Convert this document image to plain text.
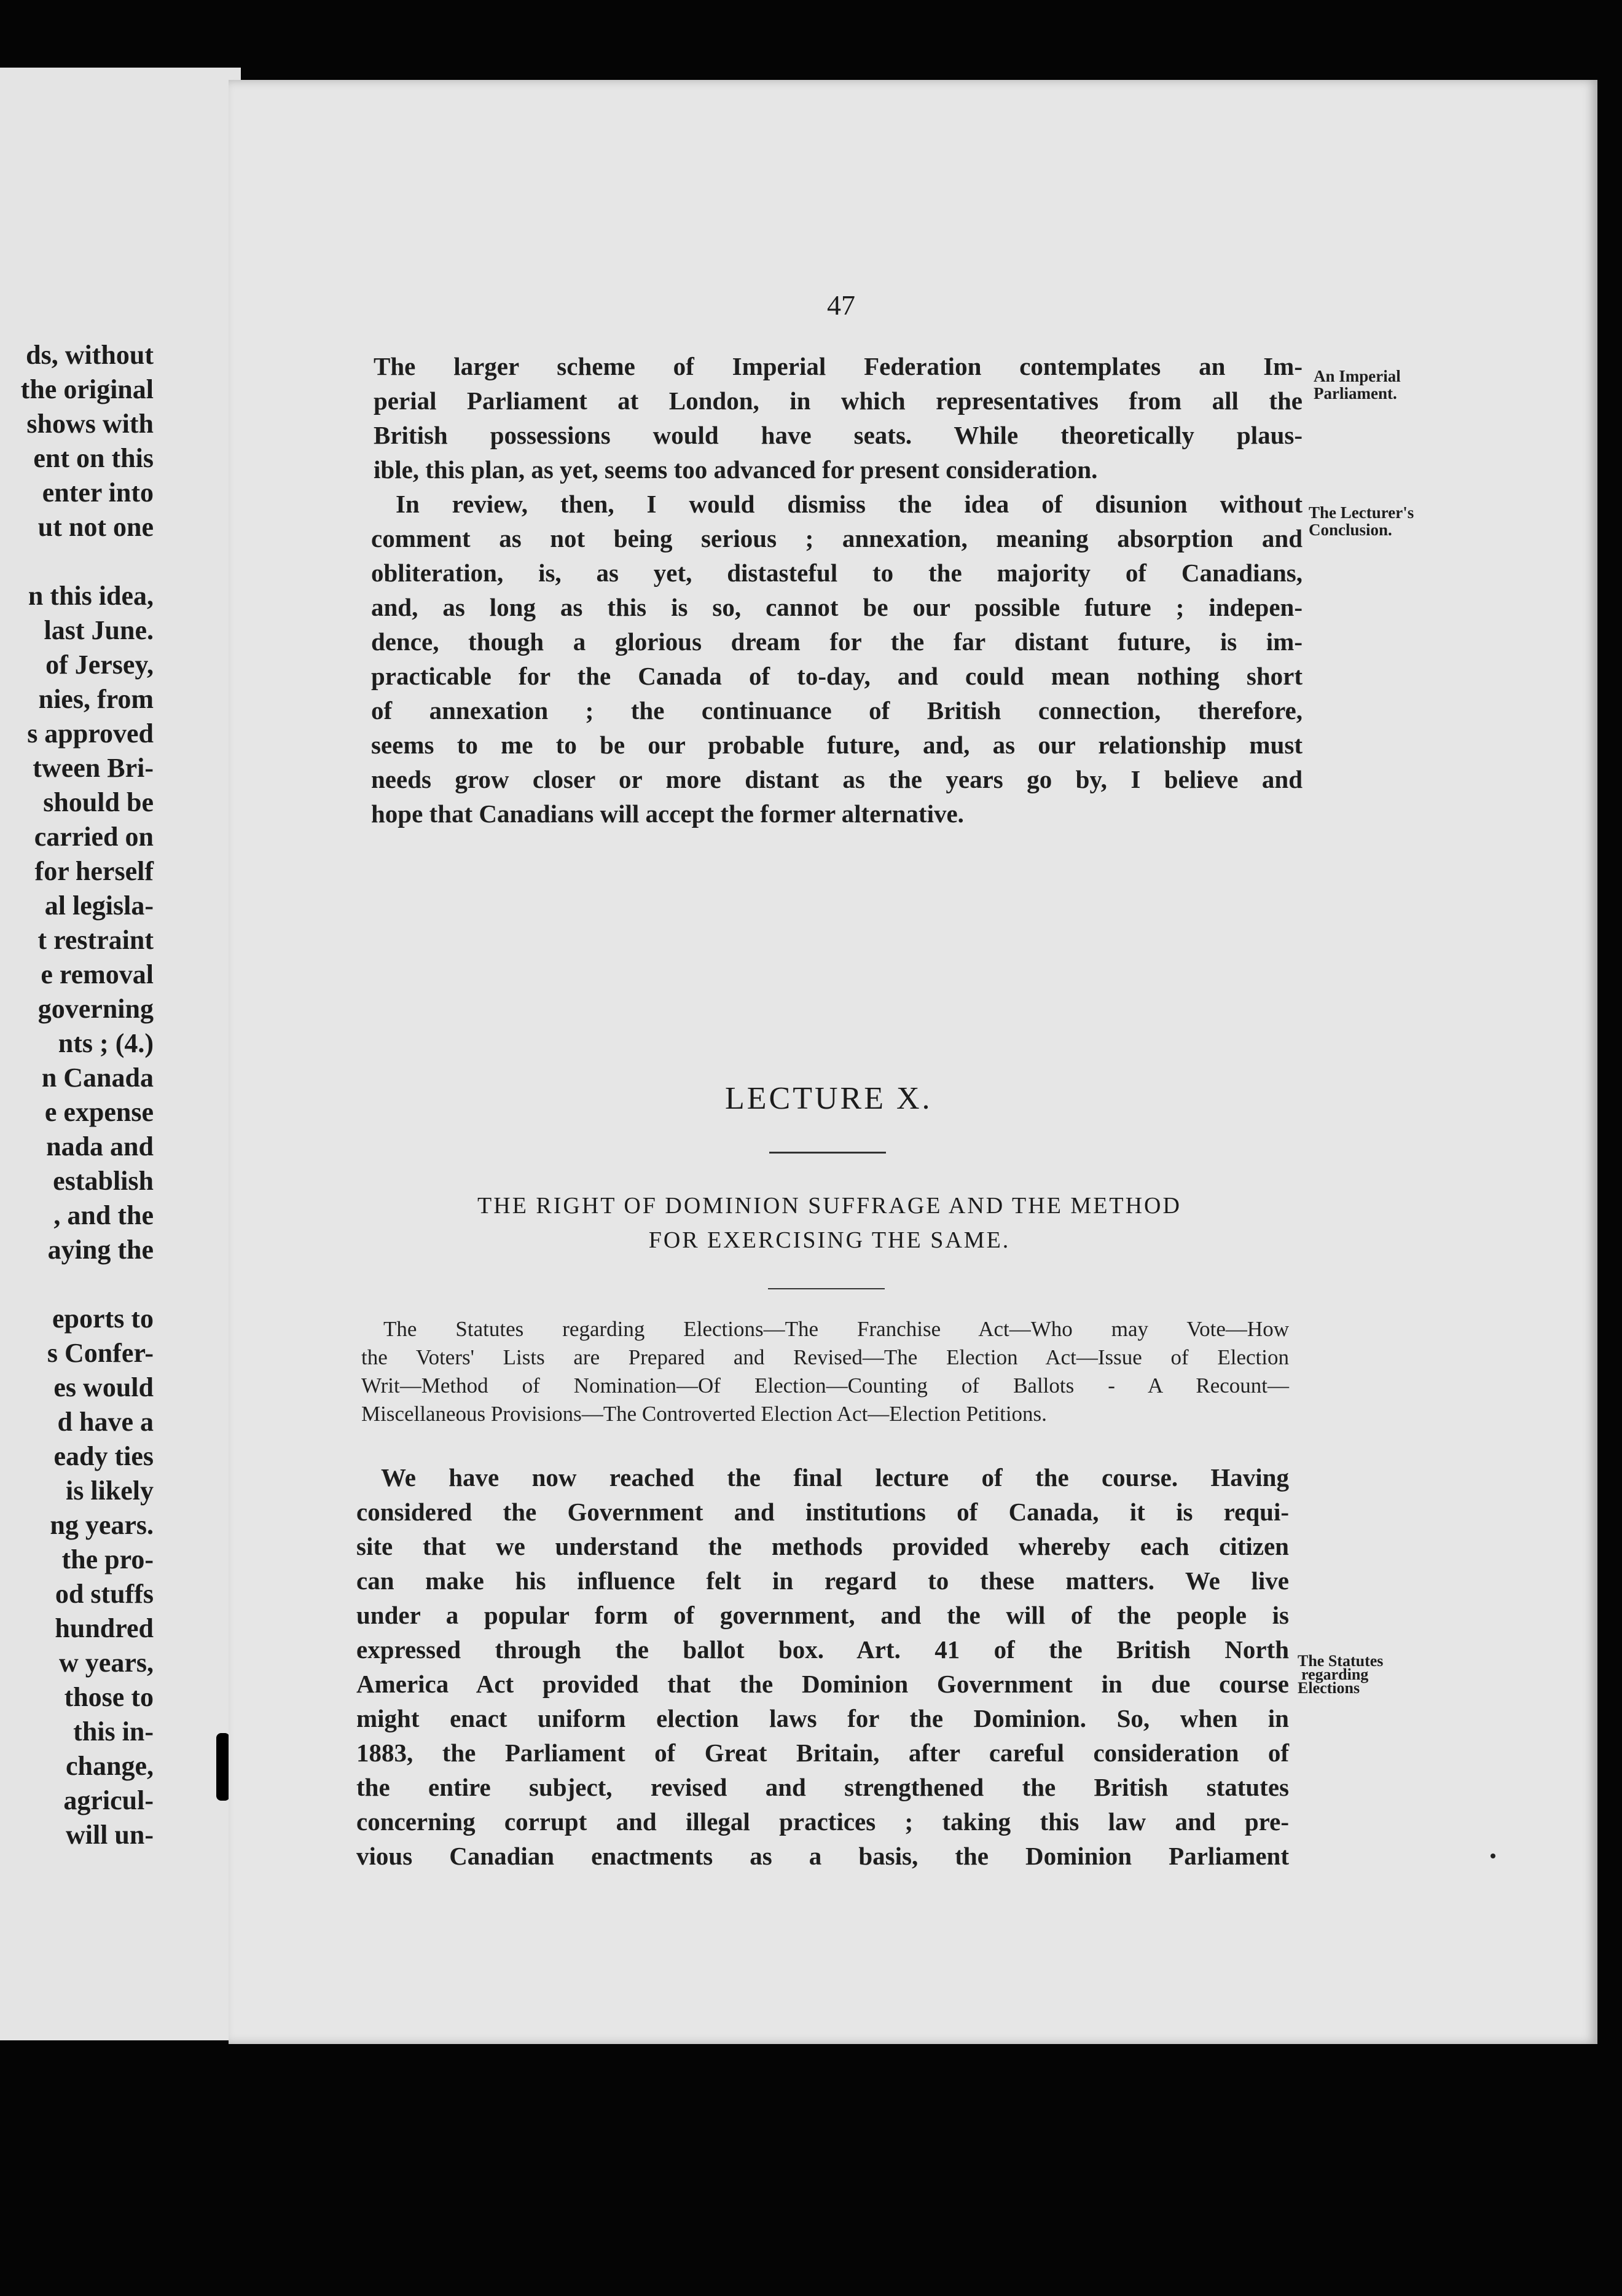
ds, without
the original
shows with
ent on this
enter into
ut not one

n this idea,
last June.
of Jersey,
nies, from
s approved
tween Bri-
should be
carried on
for herself
al legisla-
t restraint
e removal
governing
nts ; (4.)
n Canada
e expense
nada and
establish
, and the
aying the

eports to
s Confer-
es would
d have a
eady ties
is likely
ng years.
the pro-
od stuffs
hundred
w years,
those to
this in-
change,
agricul-
will un-
47
The larger scheme of Imperial Federation contemplates an Im-
perial Parliament at London, in which representatives from all the
British possessions would have seats. While theoretically plaus-
ible, this plan, as yet, seems too advanced for present consideration.
In review, then, I would dismiss the idea of disunion without
comment as not being serious ; annexation, meaning absorption and
obliteration, is, as yet, distasteful to the majority of Canadians,
and, as long as this is so, cannot be our possible future ; indepen-
dence, though a glorious dream for the far distant future, is im-
practicable for the Canada of to-day, and could mean nothing short
of annexation ; the continuance of British connection, therefore,
seems to me to be our probable future, and, as our relationship must
needs grow closer or more distant as the years go by, I believe and
hope that Canadians will accept the former alternative.
An Imperial
Parliament.
The Lecturer's
Conclusion.
LECTURE X.
THE RIGHT OF DOMINION SUFFRAGE AND THE METHOD
FOR EXERCISING THE SAME.
The Statutes regarding Elections—The Franchise Act—Who may Vote—How
the Voters' Lists are Prepared and Revised—The Election Act—Issue of Election
Writ—Method of Nomination—Of Election—Counting of Ballots - A Recount—
Miscellaneous Provisions—The Controverted Election Act—Election Petitions.
We have now reached the final lecture of the course. Having
considered the Government and institutions of Canada, it is requi-
site that we understand the methods provided whereby each citizen
can make his influence felt in regard to these matters. We live
under a popular form of government, and the will of the people is
expressed through the ballot box. Art. 41 of the British North
America Act provided that the Dominion Government in due course
might enact uniform election laws for the Dominion. So, when in
1883, the Parliament of Great Britain, after careful consideration of
the entire subject, revised and strengthened the British statutes
concerning corrupt and illegal practices ; taking this law and pre-
vious Canadian enactments as a basis, the Dominion Parliament
The Statutes
regarding
Elections
